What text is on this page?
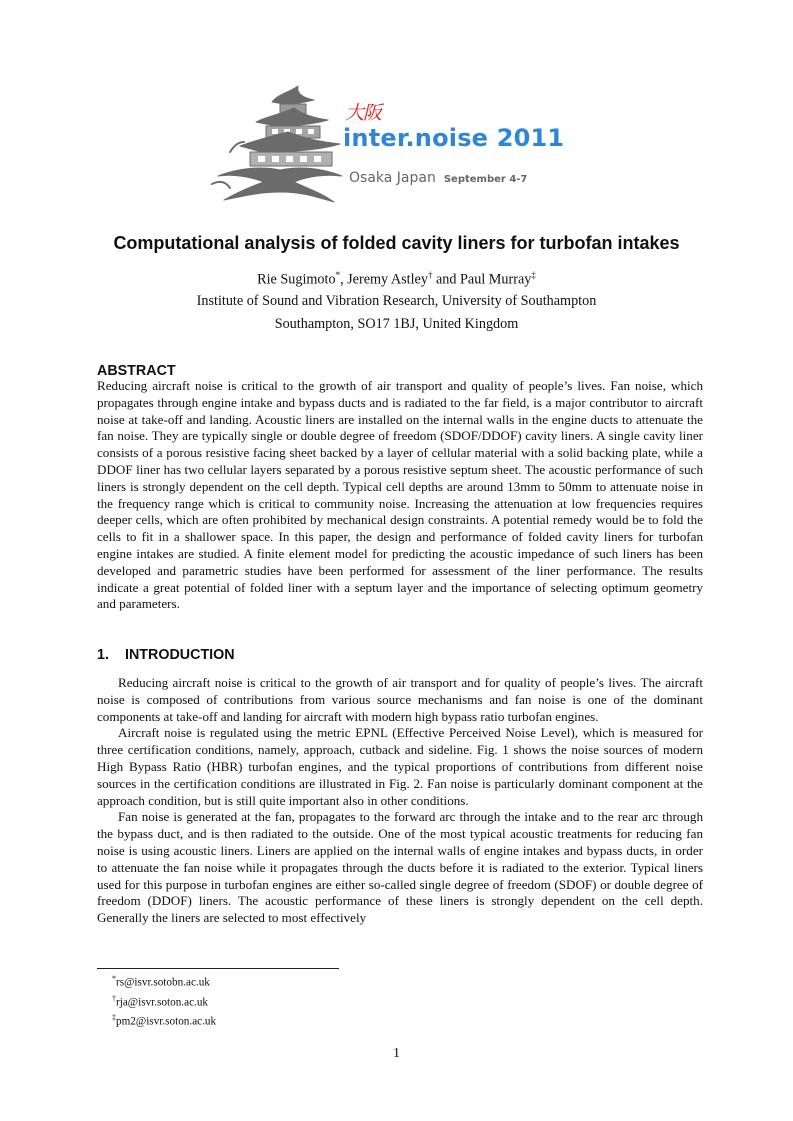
大阪
inter.noise 2011
Osaka Japan September 4-7
Computational analysis of folded cavity liners for turbofan intakes
Rie Sugimoto*, Jeremy Astley† and Paul Murray‡
Institute of Sound and Vibration Research, University of Southampton
Southampton, SO17 1BJ, United Kingdom
ABSTRACT

Reducing aircraft noise is critical to the growth of air transport and quality of people’s lives. Fan noise, which propagates through engine intake and bypass ducts and is radiated to the far field, is a major contributor to aircraft noise at take-off and landing. Acoustic liners are installed on the internal walls in the engine ducts to attenuate the fan noise. They are typically single or double degree of freedom (SDOF/DDOF) cavity liners. A single cavity liner consists of a porous resistive facing sheet backed by a layer of cellular material with a solid backing plate, while a DDOF liner has two cellular layers separated by a porous resistive septum sheet. The acoustic performance of such liners is strongly dependent on the cell depth. Typical cell depths are around 13mm to 50mm to attenuate noise in the frequency range which is critical to community noise. Increasing the attenuation at low frequencies requires deeper cells, which are often prohibited by mechanical design constraints. A potential remedy would be to fold the cells to fit in a shallower space. In this paper, the design and performance of folded cavity liners for turbofan engine intakes are studied. A finite element model for predicting the acoustic impedance of such liners has been developed and parametric studies have been performed for assessment of the liner performance. The results indicate a great potential of folded liner with a septum layer and the importance of selecting optimum geometry and parameters.

1. INTRODUCTION

Reducing aircraft noise is critical to the growth of air transport and for quality of people’s lives. The aircraft noise is composed of contributions from various source mechanisms and fan noise is one of the dominant components at take-off and landing for aircraft with modern high bypass ratio turbofan engines.

Aircraft noise is regulated using the metric EPNL (Effective Perceived Noise Level), which is measured for three certification conditions, namely, approach, cutback and sideline. Fig. 1 shows the noise sources of modern High Bypass Ratio (HBR) turbofan engines, and the typical proportions of contributions from different noise sources in the certification conditions are illustrated in Fig. 2. Fan noise is particularly dominant component at the approach condition, but is still quite important also in other conditions.

Fan noise is generated at the fan, propagates to the forward arc through the intake and to the rear arc through the bypass duct, and is then radiated to the outside. One of the most typical acoustic treatments for reducing fan noise is using acoustic liners. Liners are applied on the internal walls of engine intakes and bypass ducts, in order to attenuate the fan noise while it propagates through the ducts before it is radiated to the exterior. Typical liners used for this purpose in turbofan engines are either so-called single degree of freedom (SDOF) or double degree of freedom (DDOF) liners. The acoustic performance of these liners is strongly dependent on the cell depth. Generally the liners are selected to most effectively

*rs@isvr.sotobn.ac.uk
†rja@isvr.soton.ac.uk
‡pm2@isvr.soton.ac.uk
1
